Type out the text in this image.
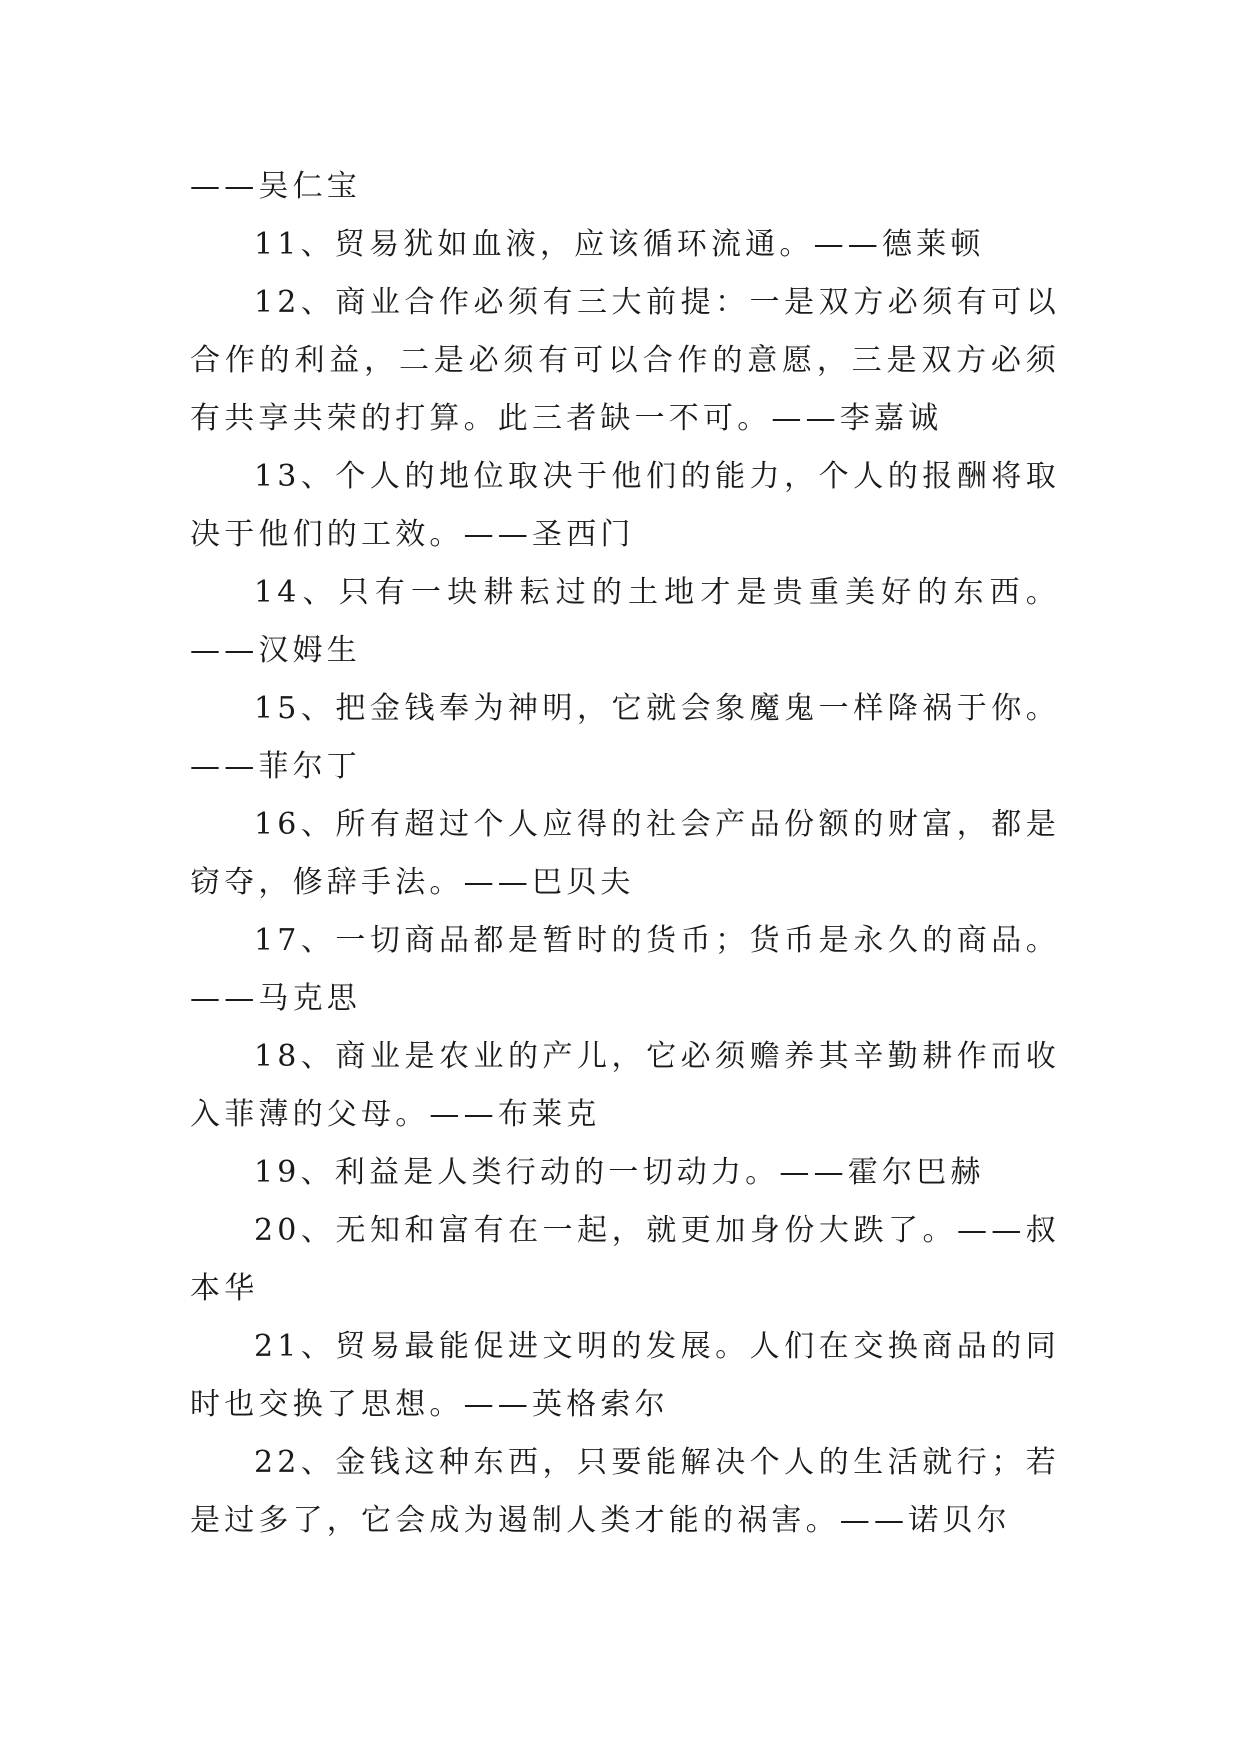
——吴仁宝

11、贸易犹如血液，应该循环流通。——德莱顿

12、商业合作必须有三大前提：一是双方必须有可以合作的利益，二是必须有可以合作的意愿，三是双方必须有共享共荣的打算。此三者缺一不可。——李嘉诚

13、个人的地位取决于他们的能力，个人的报酬将取决于他们的工效。——圣西门

14、只有一块耕耘过的土地才是贵重美好的东西。——汉姆生

15、把金钱奉为神明，它就会象魔鬼一样降祸于你。——菲尔丁

16、所有超过个人应得的社会产品份额的财富，都是窃夺，修辞手法。——巴贝夫

17、一切商品都是暂时的货币；货币是永久的商品。——马克思

18、商业是农业的产儿，它必须赡养其辛勤耕作而收入菲薄的父母。——布莱克

19、利益是人类行动的一切动力。——霍尔巴赫

20、无知和富有在一起，就更加身份大跌了。——叔本华

21、贸易最能促进文明的发展。人们在交换商品的同时也交换了思想。——英格索尔

22、金钱这种东西，只要能解决个人的生活就行；若是过多了，它会成为遏制人类才能的祸害。——诺贝尔
